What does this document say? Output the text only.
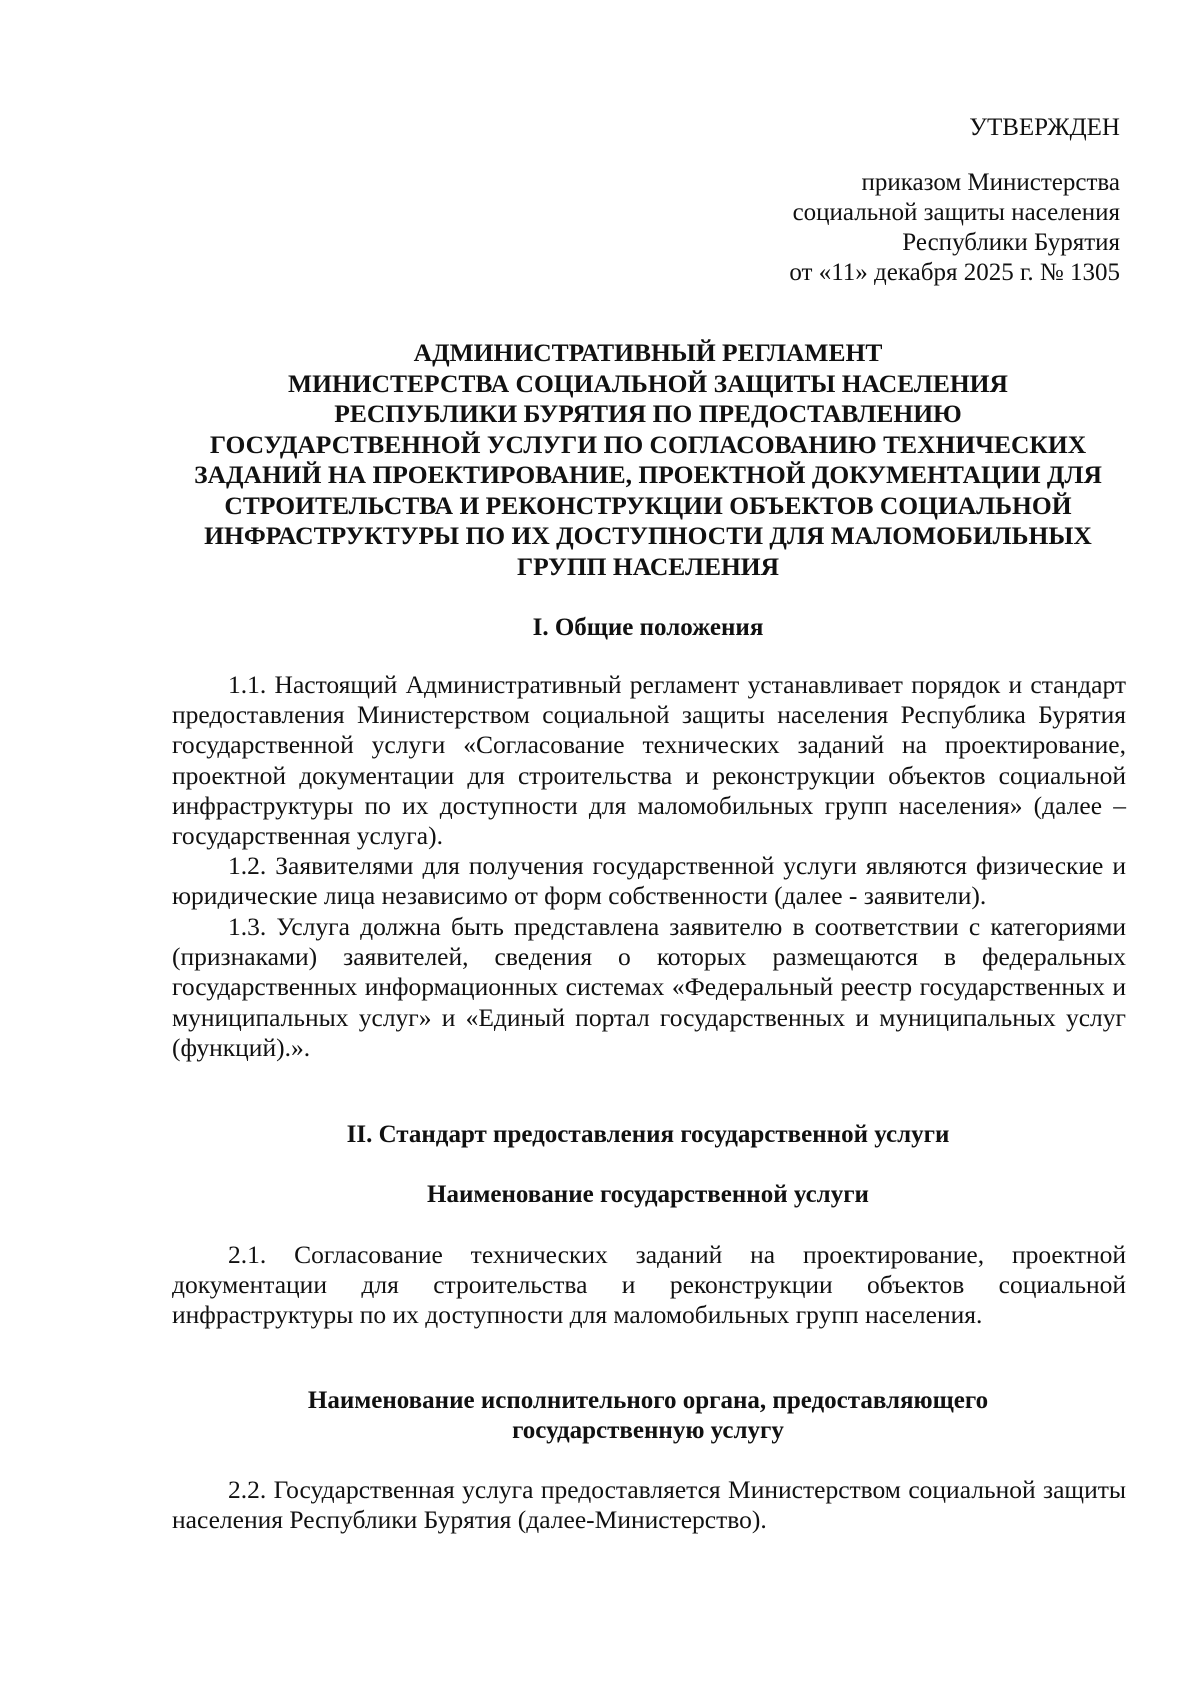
УТВЕРЖДЕН
приказом Министерства
социальной защиты населения
Республики Бурятия
от «11» декабря 2025 г. № 1305
АДМИНИСТРАТИВНЫЙ РЕГЛАМЕНТ
МИНИСТЕРСТВА СОЦИАЛЬНОЙ ЗАЩИТЫ НАСЕЛЕНИЯ
РЕСПУБЛИКИ БУРЯТИЯ ПО ПРЕДОСТАВЛЕНИЮ
ГОСУДАРСТВЕННОЙ УСЛУГИ ПО СОГЛАСОВАНИЮ ТЕХНИЧЕСКИХ
ЗАДАНИЙ НА ПРОЕКТИРОВАНИЕ, ПРОЕКТНОЙ ДОКУМЕНТАЦИИ ДЛЯ
СТРОИТЕЛЬСТВА И РЕКОНСТРУКЦИИ ОБЪЕКТОВ СОЦИАЛЬНОЙ
ИНФРАСТРУКТУРЫ ПО ИХ ДОСТУПНОСТИ ДЛЯ МАЛОМОБИЛЬНЫХ
ГРУПП НАСЕЛЕНИЯ
I. Общие положения
1.1. Настоящий Административный регламент устанавливает порядок и стандарт предоставления Министерством социальной защиты населения Республика Бурятия государственной услуги «Согласование технических заданий на проектирование, проектной документации для строительства и реконструкции объектов социальной инфраструктуры по их доступности для маломобильных групп населения» (далее – государственная услуга).
1.2. Заявителями для получения государственной услуги являются физические и юридические лица независимо от форм собственности (далее - заявители).
1.3. Услуга должна быть представлена заявителю в соответствии с категориями (признаками) заявителей, сведения о которых размещаются в федеральных государственных информационных системах «Федеральный реестр государственных и муниципальных услуг» и «Единый портал государственных и муниципальных услуг (функций).».
II. Стандарт предоставления государственной услуги
Наименование государственной услуги
2.1. Согласование технических заданий на проектирование, проектной документации для строительства и реконструкции объектов социальной инфраструктуры по их доступности для маломобильных групп населения.
Наименование исполнительного органа, предоставляющего
государственную услугу
2.2. Государственная услуга предоставляется Министерством социальной защиты населения Республики Бурятия (далее-Министерство).
